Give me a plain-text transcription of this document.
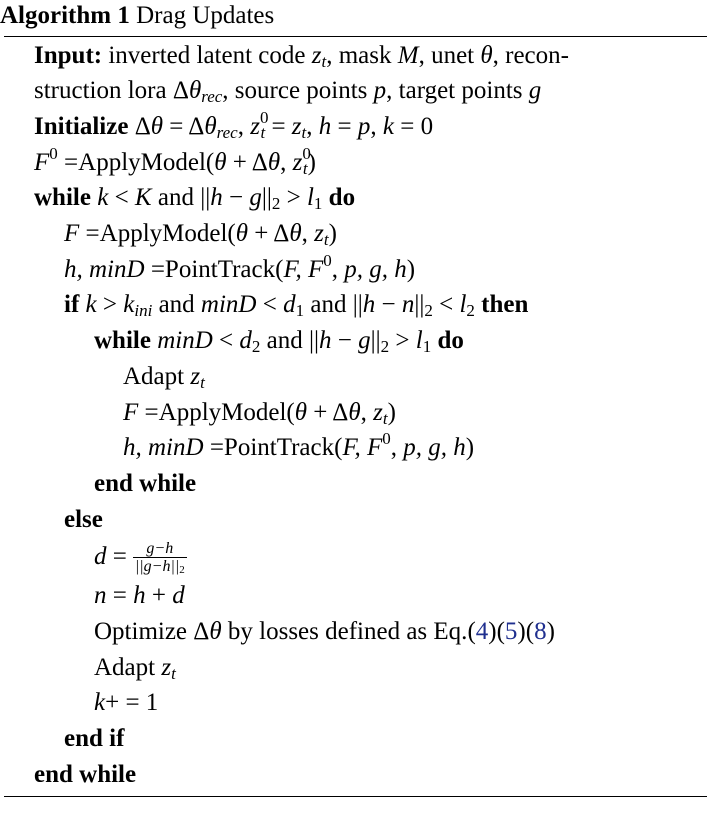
Algorithm 1 Drag Updates
Input: inverted latent code $z_t$, mask M, unet θ, recon-
struction lora $\Delta\theta_{rec}$, source points p, target points g
Initialize $\Delta\theta = \Delta\theta_{rec}$, $z^0_t = z_t$, h = p, k = 0
$F^0$ =ApplyModel(θ + Δθ, $z^0_t$)
while k < K and $||h - g||_2 > l_1$ do
F =ApplyModel(θ + Δθ, $z_t$)
h, minD =PointTrack(F, $F^0$, p, g, h)
if $k > k_{ini}$ and $\min D < d_1$ and $||h - n||_2 < l_2$ then
while $\min D < d_2$ and $||h - g||_2 > l_1$ do
Adapt $z_t$
F =ApplyModel(θ + Δθ, $z_t$)
h, minD =PointTrack(F, $F^0$, p, g, h)
end while
else
$d = \frac{g-h}{||g-h||_2}$
n = h + d
Optimize Δθ by losses defined as Eq.(4)(5)(8)
Adapt $z_t$
k+ = 1
end if
end while
